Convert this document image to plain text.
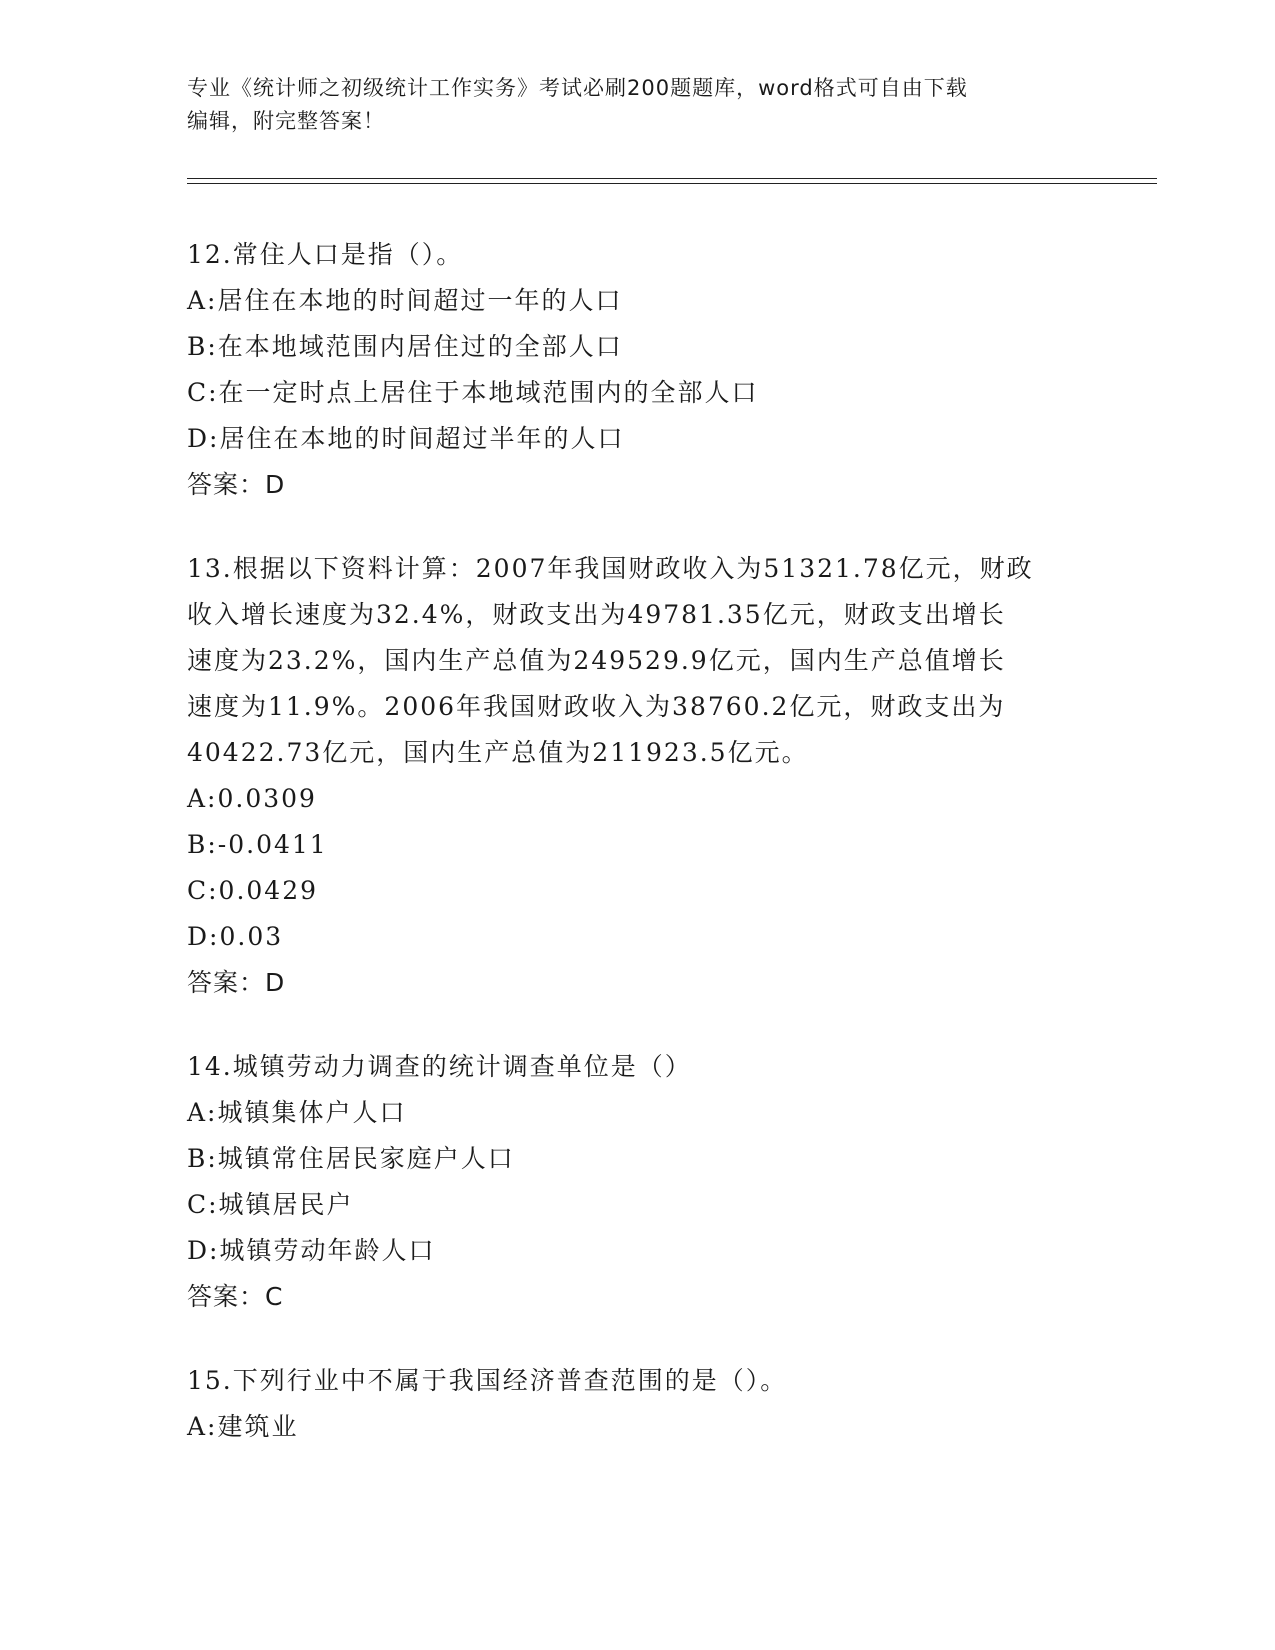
专业《统计师之初级统计工作实务》考试必刷200题题库，word格式可自由下载
编辑，附完整答案！
12.常住人口是指（）。
A:居住在本地的时间超过一年的人口
B:在本地域范围内居住过的全部人口
C:在一定时点上居住于本地域范围内的全部人口
D:居住在本地的时间超过半年的人口
答案：D
13.根据以下资料计算：2007年我国财政收入为51321.78亿元，财政
收入增长速度为32.4%，财政支出为49781.35亿元，财政支出增长
速度为23.2%，国内生产总值为249529.9亿元，国内生产总值增长
速度为11.9%。2006年我国财政收入为38760.2亿元，财政支出为
40422.73亿元，国内生产总值为211923.5亿元。
A:0.0309
B:-0.0411
C:0.0429
D:0.03
答案：D
14.城镇劳动力调查的统计调查单位是（）
A:城镇集体户人口
B:城镇常住居民家庭户人口
C:城镇居民户
D:城镇劳动年龄人口
答案：C
15.下列行业中不属于我国经济普查范围的是（）。
A:建筑业
